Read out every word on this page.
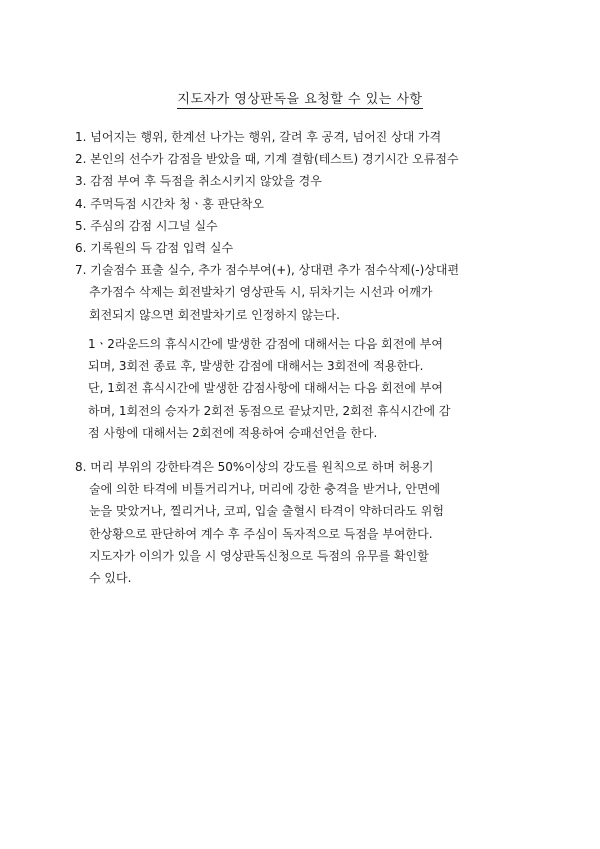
지도자가 영상판독을 요청할 수 있는 사항

1. 넘어지는 행위, 한계선 나가는 행위, 갈려 후 공격, 넘어진 상대 가격

2. 본인의 선수가 감점을 받았을 때, 기계 결함(테스트) 경기시간 오류점수

3. 감점 부여 후 득점을 취소시키지 않았을 경우

4. 주먹득점 시간차 청ㆍ홍 판단착오

5. 주심의 감점 시그널 실수

6. 기록원의 득 감점 입력 실수

7. 기술점수 표출 실수, 추가 점수부여(+), 상대편 추가 점수삭제(-)상대편

추가점수 삭제는 회전발차기 영상판독 시, 뒤차기는 시선과 어깨가

회전되지 않으면 회전발차기로 인정하지 않는다.

1ㆍ2라운드의 휴식시간에 발생한 감점에 대해서는 다음 회전에 부여

되며, 3회전 종료 후, 발생한 감점에 대해서는 3회전에 적용한다.

단, 1회전 휴식시간에 발생한 감점사항에 대해서는 다음 회전에 부여

하며, 1회전의 승자가 2회전 동점으로 끝났지만, 2회전 휴식시간에 감

점 사항에 대해서는 2회전에 적용하여 승패선언을 한다.

8. 머리 부위의 강한타격은 50%이상의 강도를 원칙으로 하며 허용기

술에 의한 타격에 비틀거리거나, 머리에 강한 충격을 받거나, 안면에

눈을 맞았거나, 찔리거나, 코피, 입술 출혈시 타격이 약하더라도 위험

한상황으로 판단하여 계수 후 주심이 독자적으로 득점을 부여한다.

지도자가 이의가 있을 시 영상판독신청으로 득점의 유무를 확인할

수 있다.
